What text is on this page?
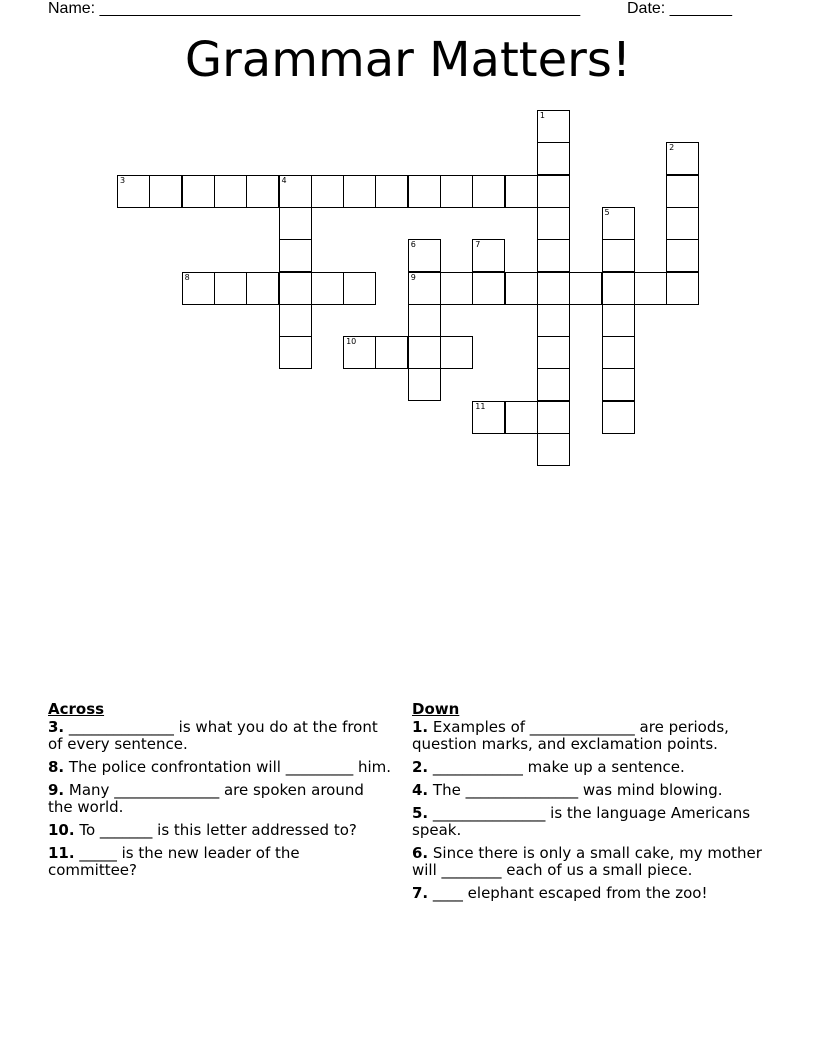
Name: ______________________________________________________	Date: _______
Grammar Matters!
1
2
3	4
5
6
9
7
8
10
11
Across
3. ______________ is what you do at the front of every sentence.
8. The police confrontation will _________ him.
9. Many ______________ are spoken around the world.
10. To _______ is this letter addressed to?
11. _____ is the new leader of the committee?
Down
1. Examples of ______________ are periods, question marks, and exclamation points.
2. ____________ make up a sentence.
4. The _______________ was mind blowing.
5. _______________ is the language Americans speak.
6. Since there is only a small cake, my mother will ________ each of us a small piece.
7. ____ elephant escaped from the zoo!
